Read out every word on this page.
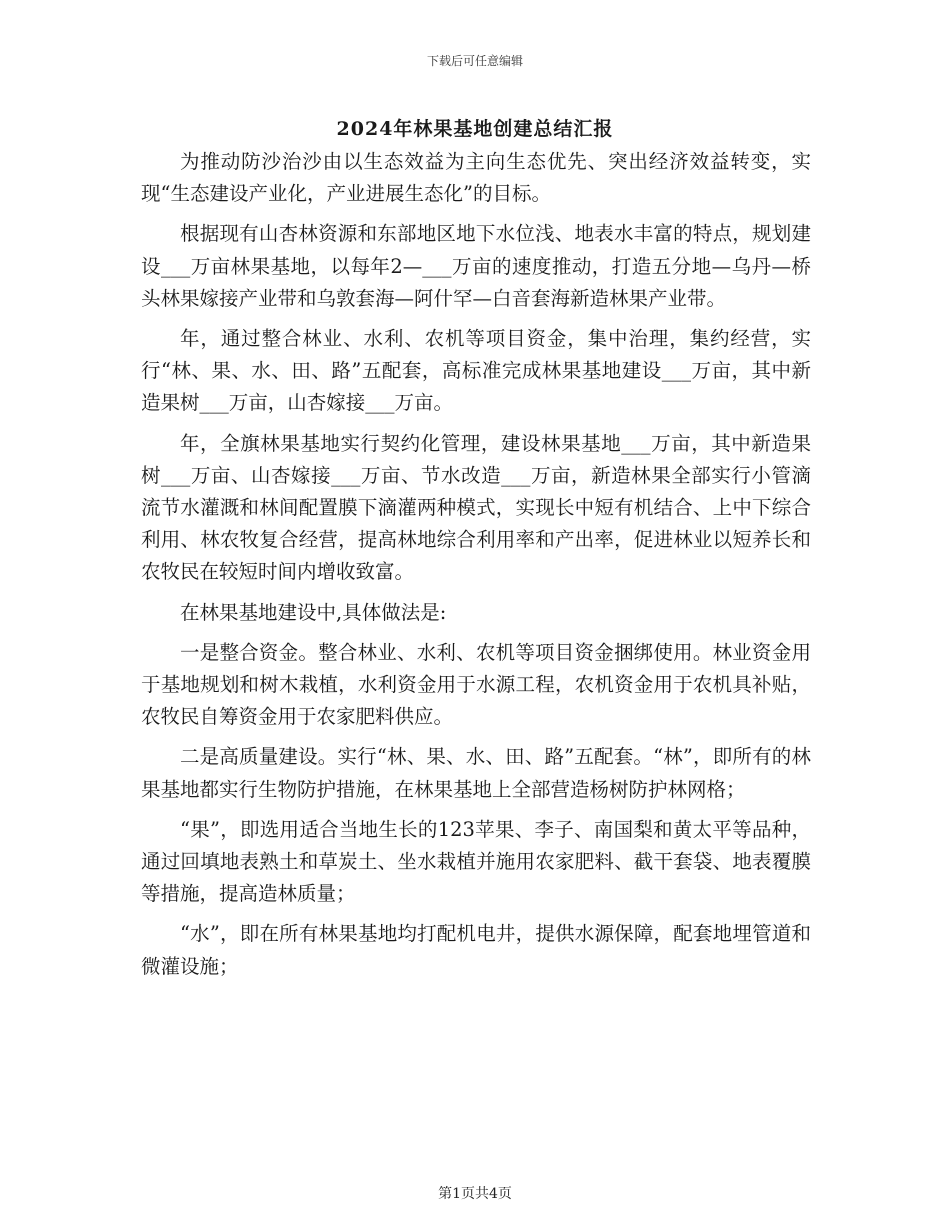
下载后可任意编辑
2024年林果基地创建总结汇报

为推动防沙治沙由以生态效益为主向生态优先、突出经济效益转变，实现“生态建设产业化，产业进展生态化”的目标。

根据现有山杏林资源和东部地区地下水位浅、地表水丰富的特点，规划建设___万亩林果基地，以每年2—___万亩的速度推动，打造五分地—乌丹—桥头林果嫁接产业带和乌敦套海—阿什罕—白音套海新造林果产业带。

年，通过整合林业、水利、农机等项目资金，集中治理，集约经营，实行“林、果、水、田、路”五配套，高标准完成林果基地建设___万亩，其中新造果树___万亩，山杏嫁接___万亩。

年，全旗林果基地实行契约化管理，建设林果基地___万亩，其中新造果树___万亩、山杏嫁接___万亩、节水改造___万亩，新造林果全部实行小管滴流节水灌溉和林间配置膜下滴灌两种模式，实现长中短有机结合、上中下综合利用、林农牧复合经营，提高林地综合利用率和产出率，促进林业以短养长和农牧民在较短时间内增收致富。

在林果基地建设中,具体做法是:

一是整合资金。整合林业、水利、农机等项目资金捆绑使用。林业资金用于基地规划和树木栽植，水利资金用于水源工程，农机资金用于农机具补贴，农牧民自筹资金用于农家肥料供应。

二是高质量建设。实行“林、果、水、田、路”五配套。“林”，即所有的林果基地都实行生物防护措施，在林果基地上全部营造杨树防护林网格；

“果”，即选用适合当地生长的123苹果、李子、南国梨和黄太平等品种，通过回填地表熟土和草炭土、坐水栽植并施用农家肥料、截干套袋、地表覆膜等措施，提高造林质量；

“水”，即在所有林果基地均打配机电井，提供水源保障，配套地埋管道和微灌设施；

第1页共4页
